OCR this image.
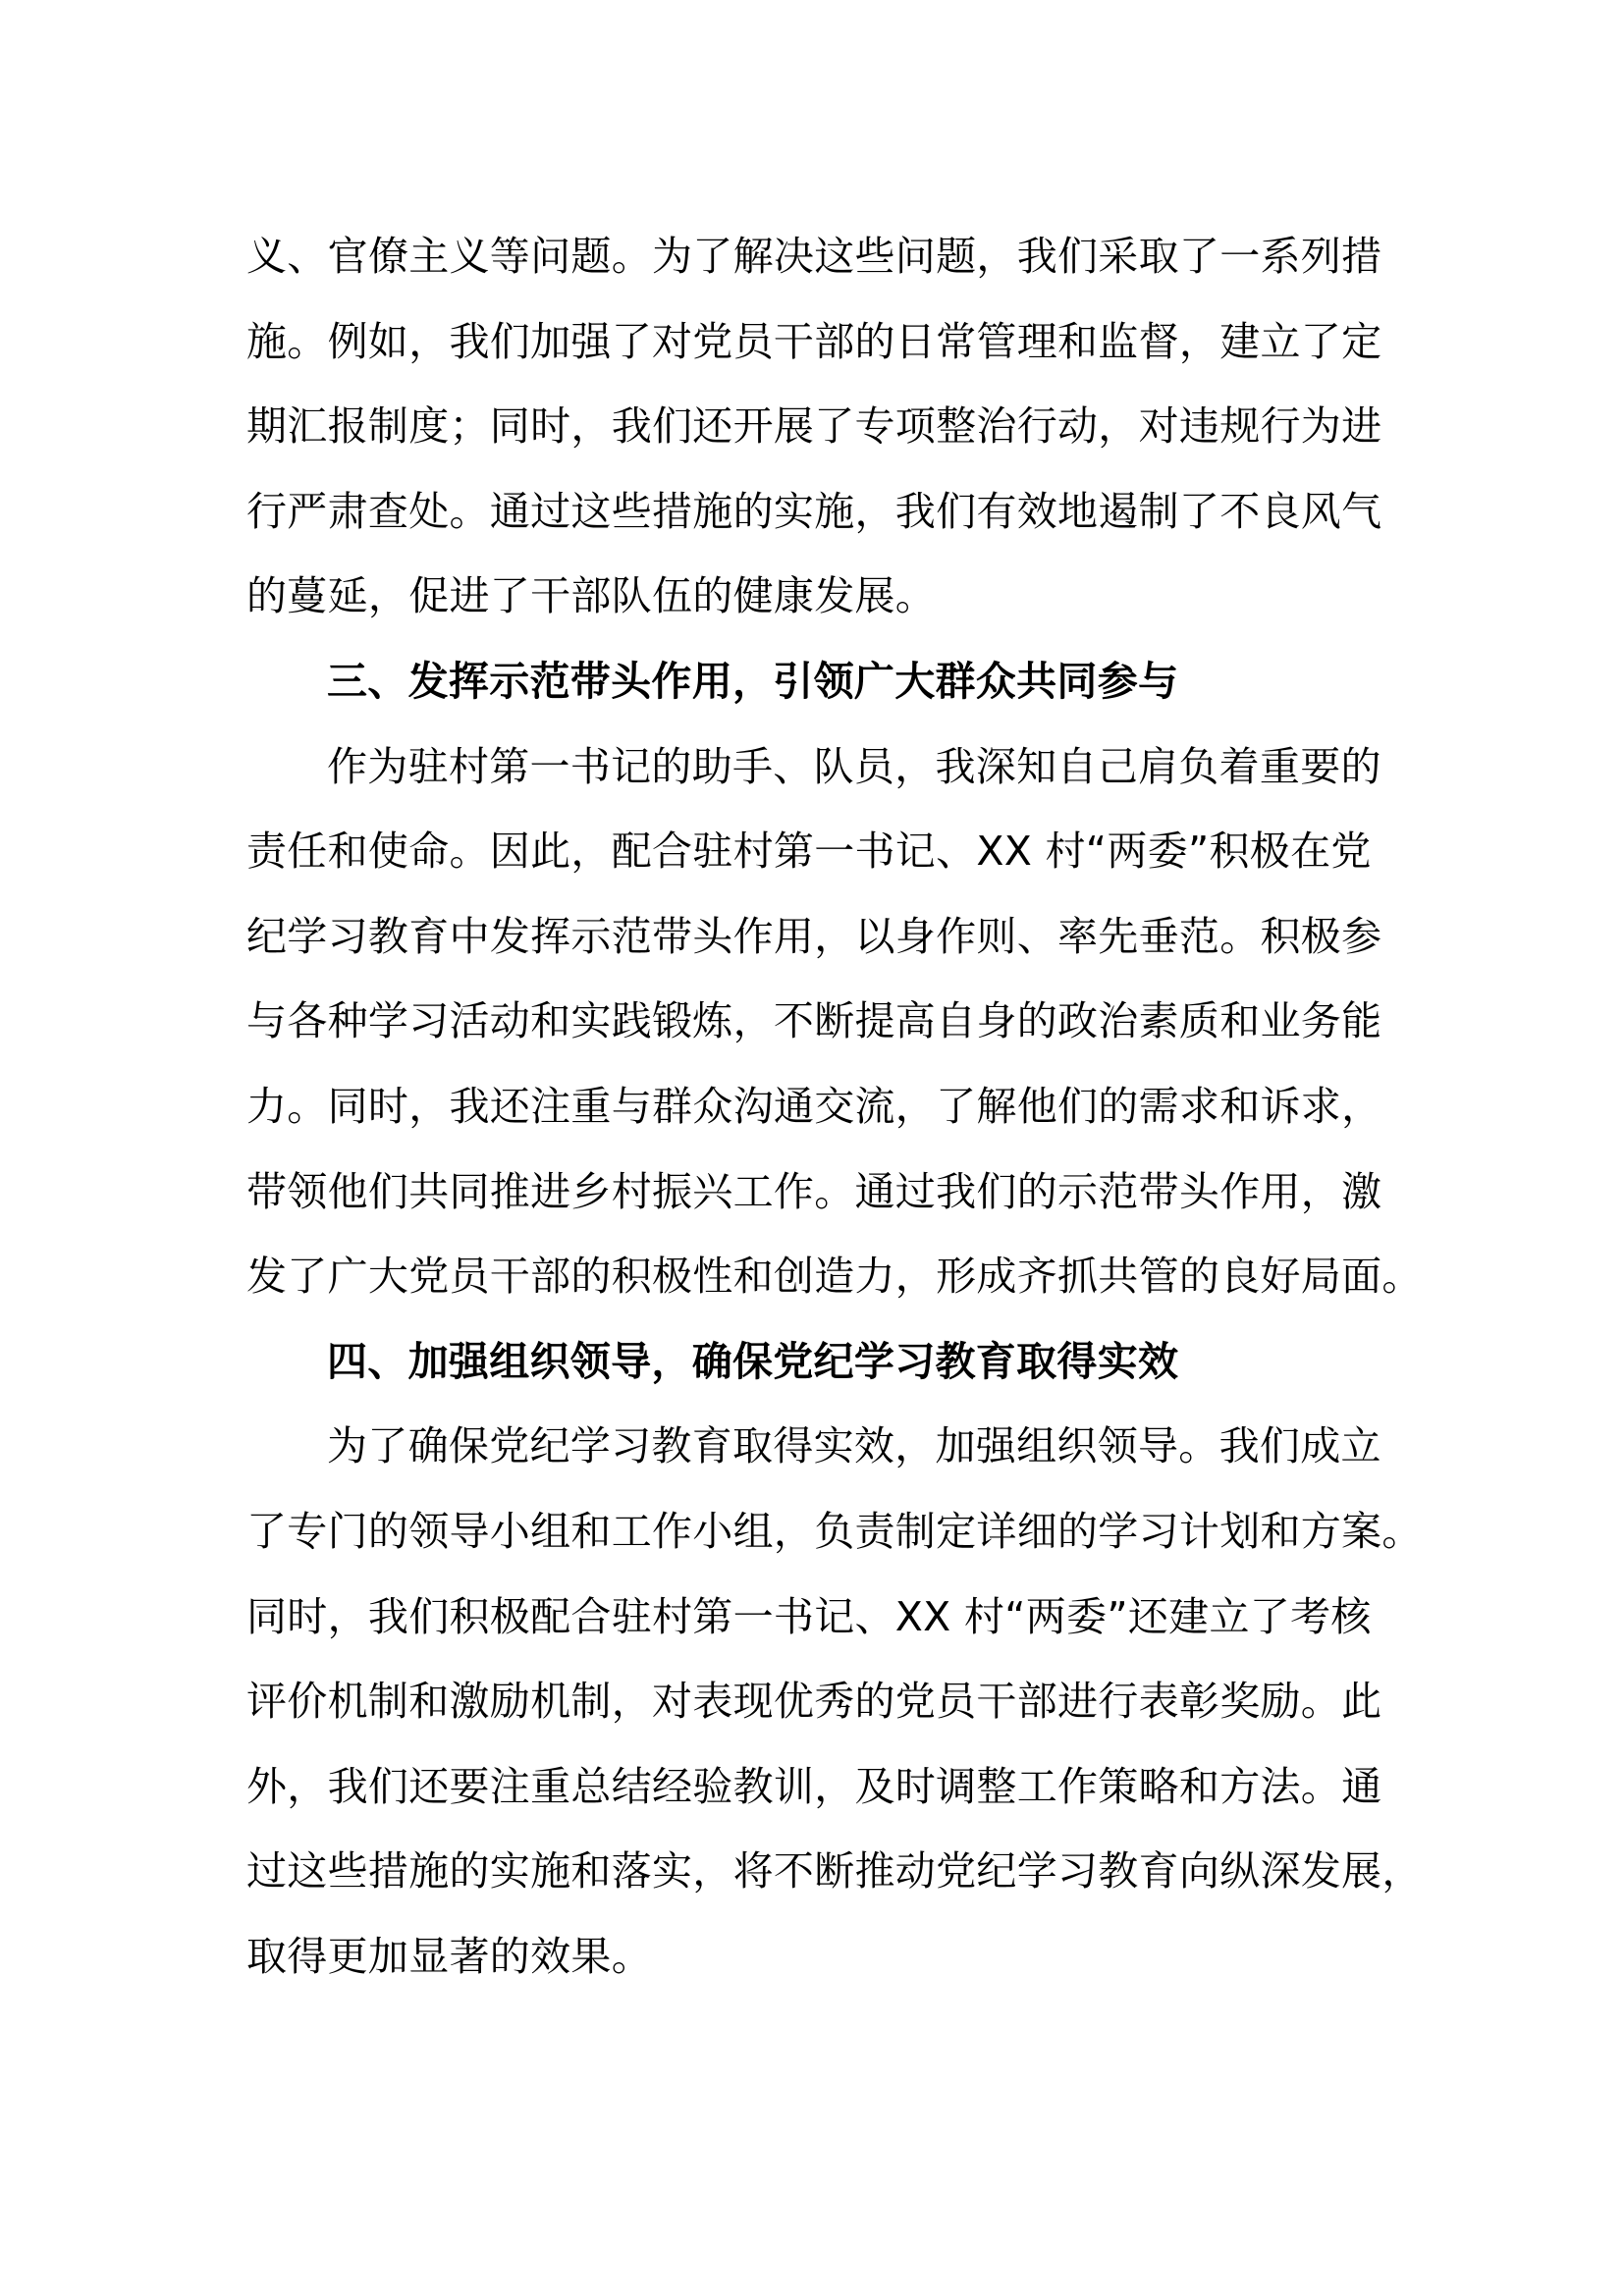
义、官僚主义等问题。为了解决这些问题，我们采取了一系列措
施。例如，我们加强了对党员干部的日常管理和监督，建立了定
期汇报制度；同时，我们还开展了专项整治行动，对违规行为进
行严肃查处。通过这些措施的实施，我们有效地遏制了不良风气
的蔓延，促进了干部队伍的健康发展。
三、发挥示范带头作用，引领广大群众共同参与
作为驻村第一书记的助手、队员，我深知自己肩负着重要的
责任和使命。因此，配合驻村第一书记、XX 村“两委”积极在党
纪学习教育中发挥示范带头作用，以身作则、率先垂范。积极参
与各种学习活动和实践锻炼，不断提高自身的政治素质和业务能
力。同时，我还注重与群众沟通交流，了解他们的需求和诉求，
带领他们共同推进乡村振兴工作。通过我们的示范带头作用，激
发了广大党员干部的积极性和创造力，形成齐抓共管的良好局面。
四、加强组织领导，确保党纪学习教育取得实效
为了确保党纪学习教育取得实效，加强组织领导。我们成立
了专门的领导小组和工作小组，负责制定详细的学习计划和方案。
同时，我们积极配合驻村第一书记、XX 村“两委”还建立了考核
评价机制和激励机制，对表现优秀的党员干部进行表彰奖励。此
外，我们还要注重总结经验教训，及时调整工作策略和方法。通
过这些措施的实施和落实，将不断推动党纪学习教育向纵深发展，
取得更加显著的效果。
